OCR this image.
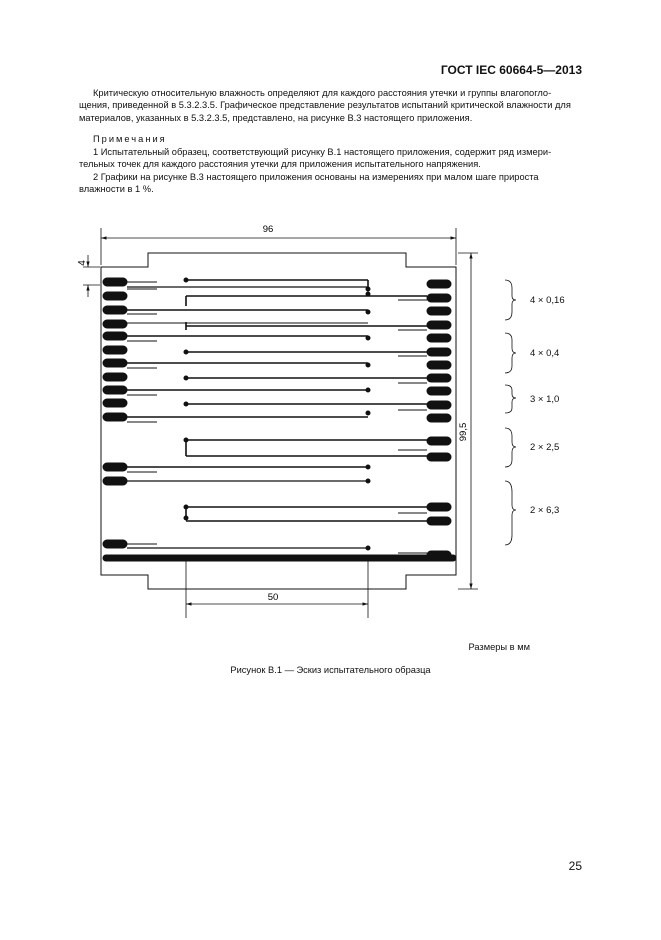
ГОСТ IEC 60664-5—2013
Критическую относительную влажность определяют для каждого расстояния утечки и группы влагопогло-
щения, приведенной в 5.3.2.3.5. Графическое представление результатов испытаний критической влажности для
материалов, указанных в 5.3.2.3.5, представлено, на рисунке В.3 настоящего приложения.
Примечания
1 Испытательный образец, соответствующий рисунку В.1 настоящего приложения, содержит ряд измери-
тельных точек для каждого расстояния утечки для приложения испытательного напряжения.
2 Графики на рисунке В.3 настоящего приложения основаны на измерениях при малом шаге прироста
влажности в 1 %.
96
99,5
4
50
4 × 0,16
4 × 0,4
3 × 1,0
2 × 2,5
2 × 6,3
Размеры в мм
Рисунок В.1 — Эскиз испытательного образца
25
